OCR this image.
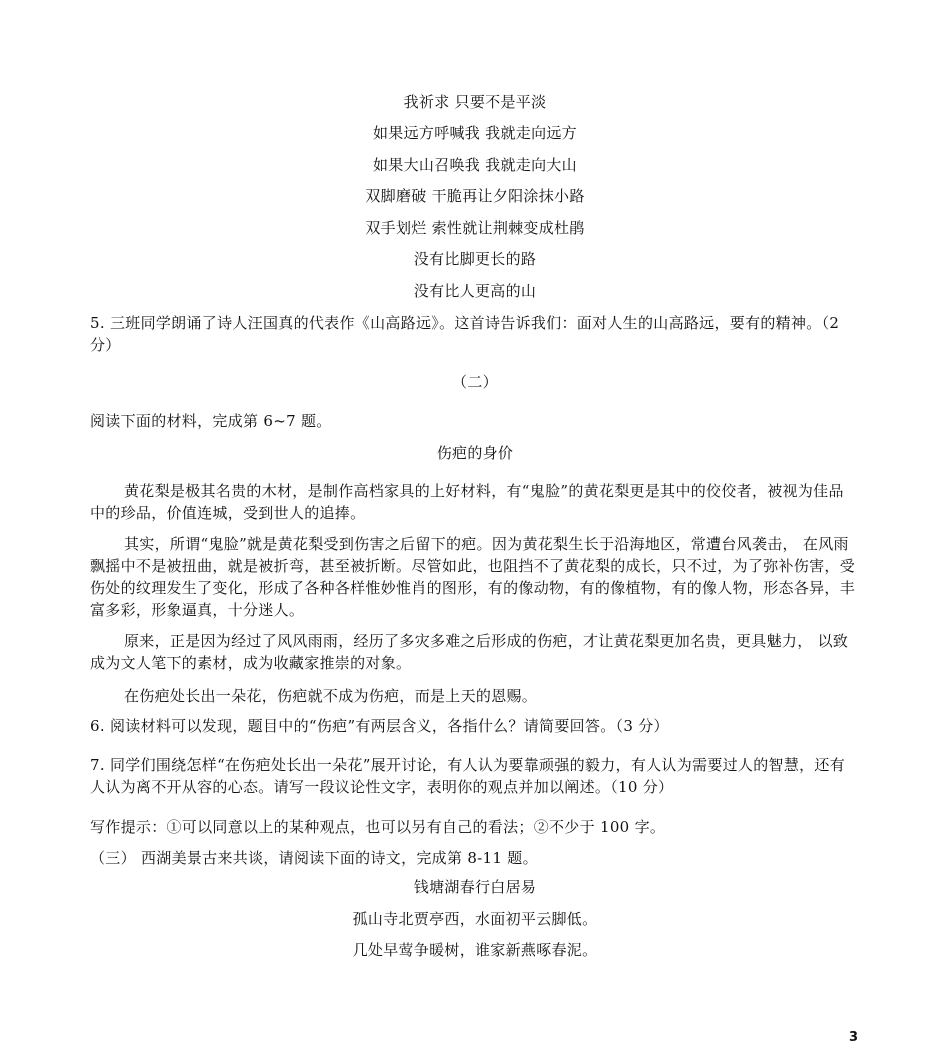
我祈求 只要不是平淡
如果远方呼喊我 我就走向远方
如果大山召唤我 我就走向大山
双脚磨破 干脆再让夕阳涂抹小路
双手划烂 索性就让荆棘变成杜鹃
没有比脚更长的路
没有比人更高的山
5. 三班同学朗诵了诗人汪国真的代表作《山高路远》。这首诗告诉我们：面对人生的山高路远，要有的精神。（2 分）
（二）
阅读下面的材料，完成第 6~7 题。
伤疤的身价
黄花梨是极其名贵的木材，是制作高档家具的上好材料，有“鬼脸”的黄花梨更是其中的佼佼者，被视为佳品中的珍品，价值连城，受到世人的追捧。
其实，所谓“鬼脸”就是黄花梨受到伤害之后留下的疤。因为黄花梨生长于沿海地区，常遭台风袭击， 在风雨飘摇中不是被扭曲，就是被折弯，甚至被折断。尽管如此，也阻挡不了黄花梨的成长，只不过，为了弥补伤害，受伤处的纹理发生了变化，形成了各种各样惟妙惟肖的图形，有的像动物，有的像植物，有的像人物，形态各异，丰富多彩，形象逼真，十分迷人。
原来，正是因为经过了风风雨雨，经历了多灾多难之后形成的伤疤，才让黄花梨更加名贵，更具魅力， 以致成为文人笔下的素材，成为收藏家推崇的对象。
在伤疤处长出一朵花，伤疤就不成为伤疤，而是上天的恩赐。
6. 阅读材料可以发现，题目中的“伤疤”有两层含义，各指什么？请简要回答。（3 分）
7. 同学们围绕怎样“在伤疤处长出一朵花”展开讨论，有人认为要靠顽强的毅力，有人认为需要过人的智慧，还有人认为离不开从容的心态。请写一段议论性文字，表明你的观点并加以阐述。（10 分）
写作提示：①可以同意以上的某种观点，也可以另有自己的看法；②不少于 100 字。
（三） 西湖美景古来共谈，请阅读下面的诗文，完成第 8-11 题。
钱塘湖春行白居易
孤山寺北贾亭西，水面初平云脚低。
几处早莺争暖树，谁家新燕啄春泥。
3
